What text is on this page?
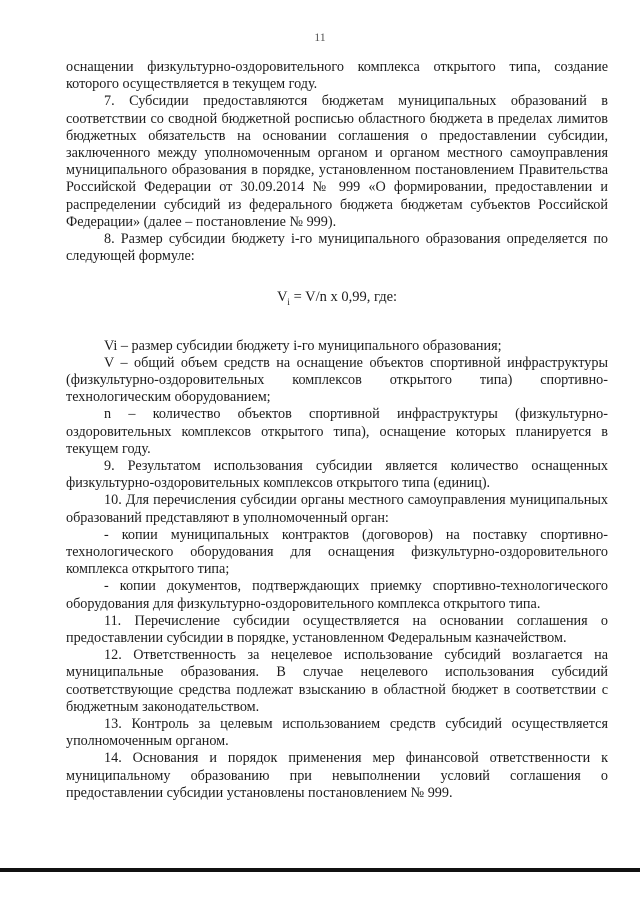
11

оснащении физкультурно-оздоровительного комплекса открытого типа, создание которого осуществляется в текущем году.

7. Субсидии предоставляются бюджетам муниципальных образований в соответствии со сводной бюджетной росписью областного бюджета в пределах лимитов бюджетных обязательств на основании соглашения о предоставлении субсидии, заключенного между уполномоченным органом и органом местного самоуправления муниципального образования в порядке, установленном постановлением Правительства Российской Федерации от 30.09.2014 № 999 «О формировании, предоставлении и распределении субсидий из федерального бюджета бюджетам субъектов Российской Федерации» (далее – постановление № 999).

8. Размер субсидии бюджету i-го муниципального образования определяется по следующей формуле:

$V_i = V/n$ x 0,99, где:

Vi – размер субсидии бюджету i-го муниципального образования;

V – общий объем средств на оснащение объектов спортивной инфраструктуры (физкультурно-оздоровительных комплексов открытого типа) спортивно-технологическим оборудованием;

n – количество объектов спортивной инфраструктуры (физкультурно-оздоровительных комплексов открытого типа), оснащение которых планируется в текущем году.

9. Результатом использования субсидии является количество оснащенных физкультурно-оздоровительных комплексов открытого типа (единиц).

10. Для перечисления субсидии органы местного самоуправления муниципальных образований представляют в уполномоченный орган:

- копии муниципальных контрактов (договоров) на поставку спортивно-технологического оборудования для оснащения физкультурно-оздоровительного комплекса открытого типа;

- копии документов, подтверждающих приемку спортивно-технологического оборудования для физкультурно-оздоровительного комплекса открытого типа.

11. Перечисление субсидии осуществляется на основании соглашения о предоставлении субсидии в порядке, установленном Федеральным казначейством.

12. Ответственность за нецелевое использование субсидий возлагается на муниципальные образования. В случае нецелевого использования субсидий соответствующие средства подлежат взысканию в областной бюджет в соответствии с бюджетным законодательством.

13. Контроль за целевым использованием средств субсидий осуществляется уполномоченным органом.

14. Основания и порядок применения мер финансовой ответственности к муниципальному образованию при невыполнении условий соглашения о предоставлении субсидии установлены постановлением № 999.
